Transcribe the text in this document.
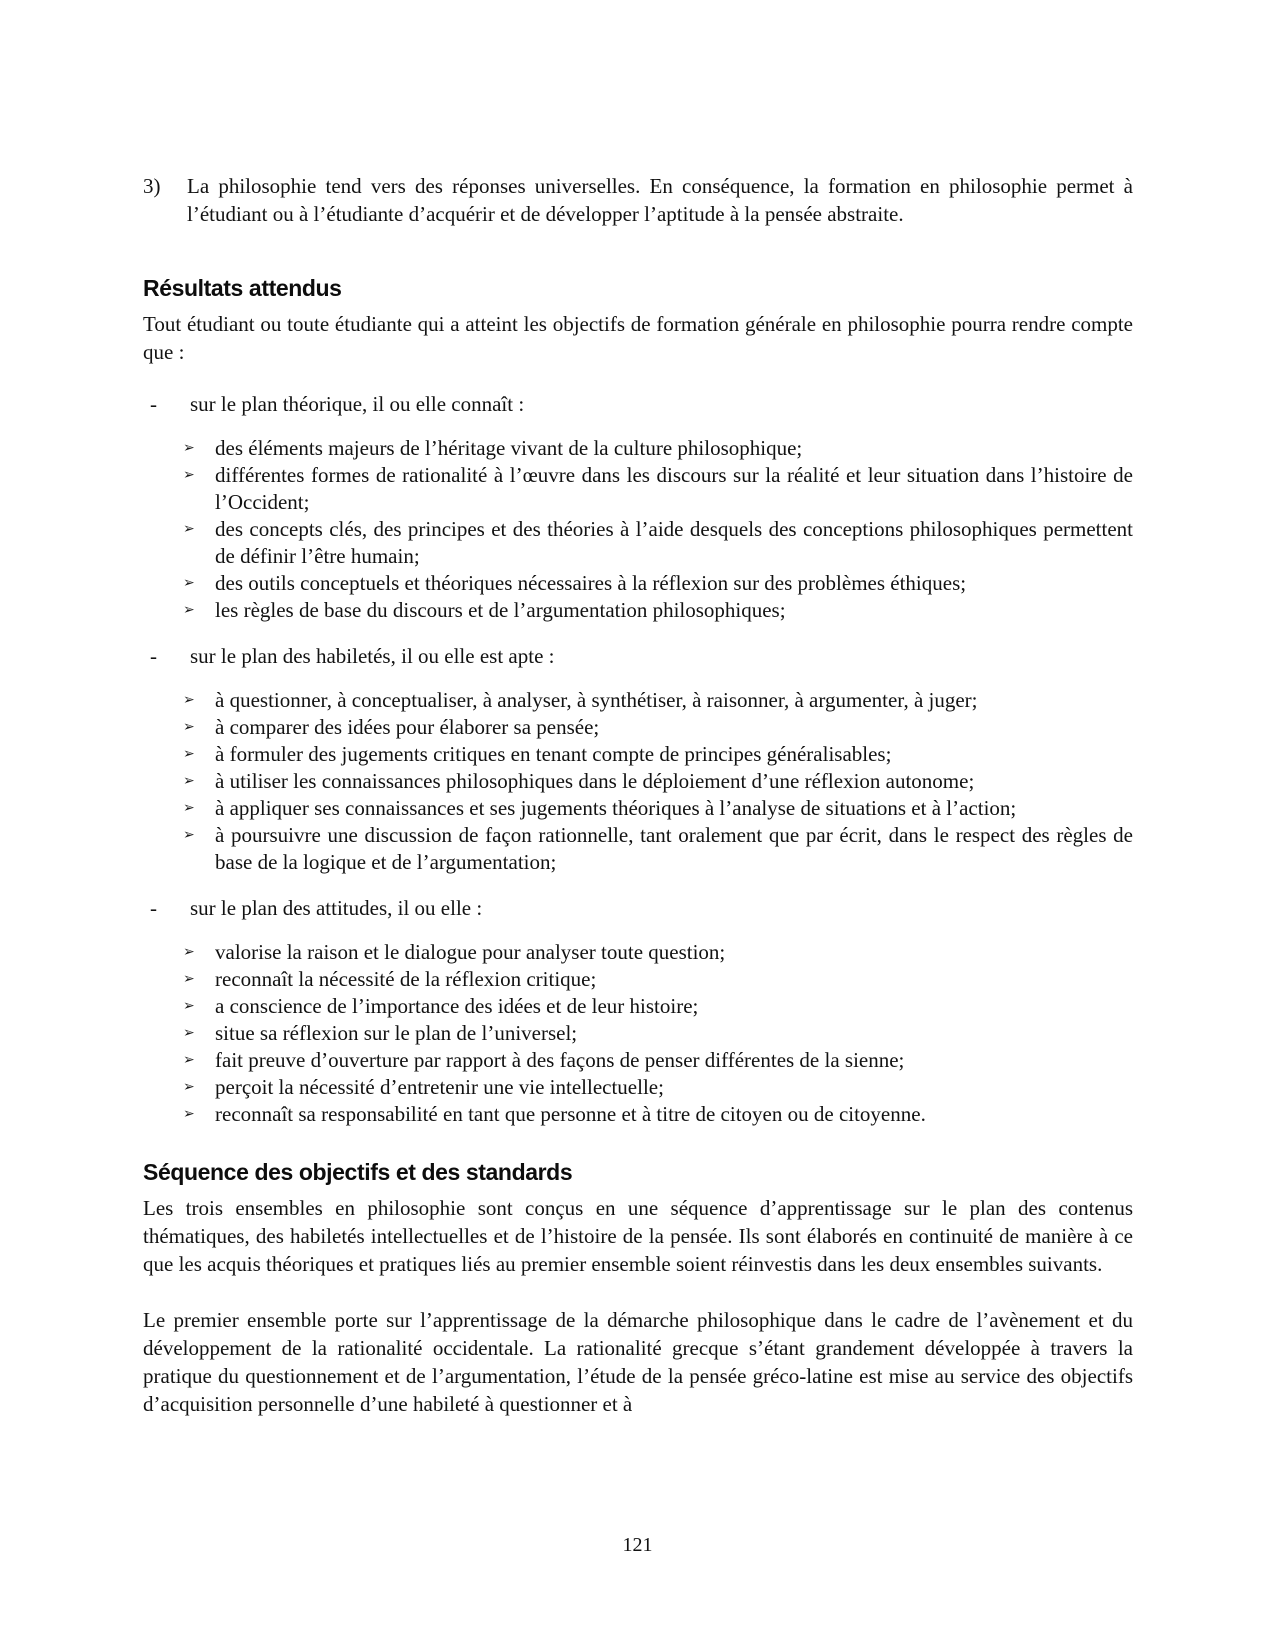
3)	La philosophie tend vers des réponses universelles. En conséquence, la formation en philosophie permet à l’étudiant ou à l’étudiante d’acquérir et de développer l’aptitude à la pensée abstraite.
Résultats attendus

Tout étudiant ou toute étudiante qui a atteint les objectifs de formation générale en philosophie pourra rendre compte que :

-	sur le plan théorique, il ou elle connaît :
➢ des éléments majeurs de l’héritage vivant de la culture philosophique;
➢ différentes formes de rationalité à l’œuvre dans les discours sur la réalité et leur situation dans l’histoire de l’Occident;
➢ des concepts clés, des principes et des théories à l’aide desquels des conceptions philosophiques permettent de définir l’être humain;
➢ des outils conceptuels et théoriques nécessaires à la réflexion sur des problèmes éthiques;
➢ les règles de base du discours et de l’argumentation philosophiques;
-	sur le plan des habiletés, il ou elle est apte :
➢ à questionner, à conceptualiser, à analyser, à synthétiser, à raisonner, à argumenter, à juger;
➢ à comparer des idées pour élaborer sa pensée;
➢ à formuler des jugements critiques en tenant compte de principes généralisables;
➢ à utiliser les connaissances philosophiques dans le déploiement d’une réflexion autonome;
➢ à appliquer ses connaissances et ses jugements théoriques à l’analyse de situations et à l’action;
➢ à poursuivre une discussion de façon rationnelle, tant oralement que par écrit, dans le respect des règles de base de la logique et de l’argumentation;
-	sur le plan des attitudes, il ou elle :
➢ valorise la raison et le dialogue pour analyser toute question;
➢ reconnaît la nécessité de la réflexion critique;
➢ a conscience de l’importance des idées et de leur histoire;
➢ situe sa réflexion sur le plan de l’universel;
➢ fait preuve d’ouverture par rapport à des façons de penser différentes de la sienne;
➢ perçoit la nécessité d’entretenir une vie intellectuelle;
➢ reconnaît sa responsabilité en tant que personne et à titre de citoyen ou de citoyenne.
Séquence des objectifs et des standards

Les trois ensembles en philosophie sont conçus en une séquence d’apprentissage sur le plan des contenus thématiques, des habiletés intellectuelles et de l’histoire de la pensée. Ils sont élaborés en continuité de manière à ce que les acquis théoriques et pratiques liés au premier ensemble soient réinvestis dans les deux ensembles suivants.

Le premier ensemble porte sur l’apprentissage de la démarche philosophique dans le cadre de l’avènement et du développement de la rationalité occidentale. La rationalité grecque s’étant grandement développée à travers la pratique du questionnement et de l’argumentation, l’étude de la pensée gréco-latine est mise au service des objectifs d’acquisition personnelle d’une habileté à questionner et à

121
